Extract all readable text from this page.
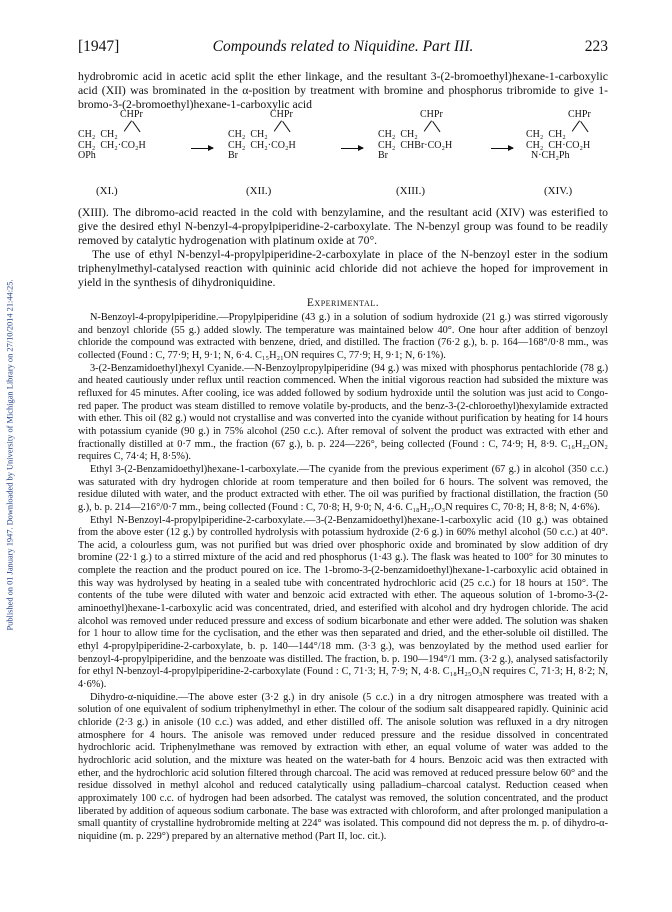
Published on 01 January 1947. Downloaded by University of Michigan Library on 27/10/2014 21:44:25.
[1947]	Compounds related to Niquidine. Part III.	223

hydrobromic acid in acetic acid split the ether linkage, and the resultant 3-(2-bromoethyl)hexane-1-carboxylic acid (XII) was brominated in the α-position by treatment with bromine and phosphorus tribromide to give 1-bromo-3-(2-bromoethyl)hexane-1-carboxylic acid

CHPr
CH₂  CH₂
CH₂  CH₂·CO₂H
OPh
(XI.)
CHPr
CH₂  CH₂
CH₂  CH₂·CO₂H
Br
(XII.)
CHPr
CH₂  CH₂
CH₂  CHBr·CO₂H
Br
(XIII.)
CHPr
CH₂  CH₂
CH₂  CH·CO₂H
N·CH₂Ph
(XIV.)

(XIII). The dibromo-acid reacted in the cold with benzylamine, and the resultant acid (XIV) was esterified to give the desired ethyl N-benzyl-4-propylpiperidine-2-carboxylate. The N-benzyl group was found to be readily removed by catalytic hydrogenation with platinum oxide at 70°.

The use of ethyl N-benzyl-4-propylpiperidine-2-carboxylate in place of the N-benzoyl ester in the sodium triphenylmethyl-catalysed reaction with quininic acid chloride did not achieve the hoped for improvement in yield in the synthesis of dihydroniquidine.

Experimental.

N-Benzoyl-4-propylpiperidine.—Propylpiperidine (43 g.) in a solution of sodium hydroxide (21 g.) was stirred vigorously and benzoyl chloride (55 g.) added slowly. The temperature was maintained below 40°. One hour after addition of benzoyl chloride the compound was extracted with benzene, dried, and distilled. The fraction (76·2 g.), b. p. 164—168°/0·8 mm., was collected (Found : C, 77·9; H, 9·1; N, 6·4. C₁₅H₂₁ON requires C, 77·9; H, 9·1; N, 6·1%).

3-(2-Benzamidoethyl)hexyl Cyanide.—N-Benzoylpropylpiperidine (94 g.) was mixed with phosphorus pentachloride (78 g.) and heated cautiously under reflux until reaction commenced. When the initial vigorous reaction had subsided the mixture was refluxed for 45 minutes. After cooling, ice was added followed by sodium hydroxide until the solution was just acid to Congo-red paper. The product was steam distilled to remove volatile by-products, and the benz-3-(2-chloroethyl)hexylamide extracted with ether. This oil (82 g.) would not crystallise and was converted into the cyanide without purification by heating for 14 hours with potassium cyanide (90 g.) in 75% alcohol (250 c.c.). After removal of solvent the product was extracted with ether and fractionally distilled at 0·7 mm., the fraction (67 g.), b. p. 224—226°, being collected (Found : C, 74·9; H, 8·9. C₁₆H₂₂ON₂ requires C, 74·4; H, 8·5%).

Ethyl 3-(2-Benzamidoethyl)hexane-1-carboxylate.—The cyanide from the previous experiment (67 g.) in alcohol (350 c.c.) was saturated with dry hydrogen chloride at room temperature and then boiled for 6 hours. The solvent was removed, the residue diluted with water, and the product extracted with ether. The oil was purified by fractional distillation, the fraction (50 g.), b. p. 214—216°/0·7 mm., being collected (Found : C, 70·8; H, 9·0; N, 4·6. C₁₈H₂₇O₃N requires C, 70·8; H, 8·8; N, 4·6%).

Ethyl N-Benzoyl-4-propylpiperidine-2-carboxylate.—3-(2-Benzamidoethyl)hexane-1-carboxylic acid (10 g.) was obtained from the above ester (12 g.) by controlled hydrolysis with potassium hydroxide (2·6 g.) in 60% methyl alcohol (50 c.c.) at 40°. The acid, a colourless gum, was not purified but was dried over phosphoric oxide and brominated by slow addition of dry bromine (22·1 g.) to a stirred mixture of the acid and red phosphorus (1·43 g.). The flask was heated to 100° for 30 minutes to complete the reaction and the product poured on ice. The 1-bromo-3-(2-benzamidoethyl)hexane-1-carboxylic acid obtained in this way was hydrolysed by heating in a sealed tube with concentrated hydrochloric acid (25 c.c.) for 18 hours at 150°. The contents of the tube were diluted with water and benzoic acid extracted with ether. The aqueous solution of 1-bromo-3-(2-aminoethyl)hexane-1-carboxylic acid was concentrated, dried, and esterified with alcohol and dry hydrogen chloride. The acid alcohol was removed under reduced pressure and excess of sodium bicarbonate and ether were added. The solution was shaken for 1 hour to allow time for the cyclisation, and the ether was then separated and dried, and the ether-soluble oil distilled. The ethyl 4-propylpiperidine-2-carboxylate, b. p. 140—144°/18 mm. (3·3 g.), was benzoylated by the method used earlier for benzoyl-4-propylpiperidine, and the benzoate was distilled. The fraction, b. p. 190—194°/1 mm. (3·2 g.), analysed satisfactorily for ethyl N-benzoyl-4-propylpiperidine-2-carboxylate (Found : C, 71·3; H, 7·9; N, 4·8. C₁₈H₂₅O₃N requires C, 71·3; H, 8·2; N, 4·6%).

Dihydro-α-niquidine.—The above ester (3·2 g.) in dry anisole (5 c.c.) in a dry nitrogen atmosphere was treated with a solution of one equivalent of sodium triphenylmethyl in ether. The colour of the sodium salt disappeared rapidly. Quininic acid chloride (2·3 g.) in anisole (10 c.c.) was added, and ether distilled off. The anisole solution was refluxed in a dry nitrogen atmosphere for 4 hours. The anisole was removed under reduced pressure and the residue dissolved in concentrated hydrochloric acid. Triphenylmethane was removed by extraction with ether, an equal volume of water was added to the hydrochloric acid solution, and the mixture was heated on the water-bath for 4 hours. Benzoic acid was then extracted with ether, and the hydrochloric acid solution filtered through charcoal. The acid was removed at reduced pressure below 60° and the residue dissolved in methyl alcohol and reduced catalytically using palladium–charcoal catalyst. Reduction ceased when approximately 100 c.c. of hydrogen had been adsorbed. The catalyst was removed, the solution concentrated, and the product liberated by addition of aqueous sodium carbonate. The base was extracted with chloroform, and after prolonged manipulation a small quantity of crystalline hydrobromide melting at 224° was isolated. This compound did not depress the m. p. of dihydro-α-niquidine (m. p. 229°) prepared by an alternative method (Part II, loc. cit.).
